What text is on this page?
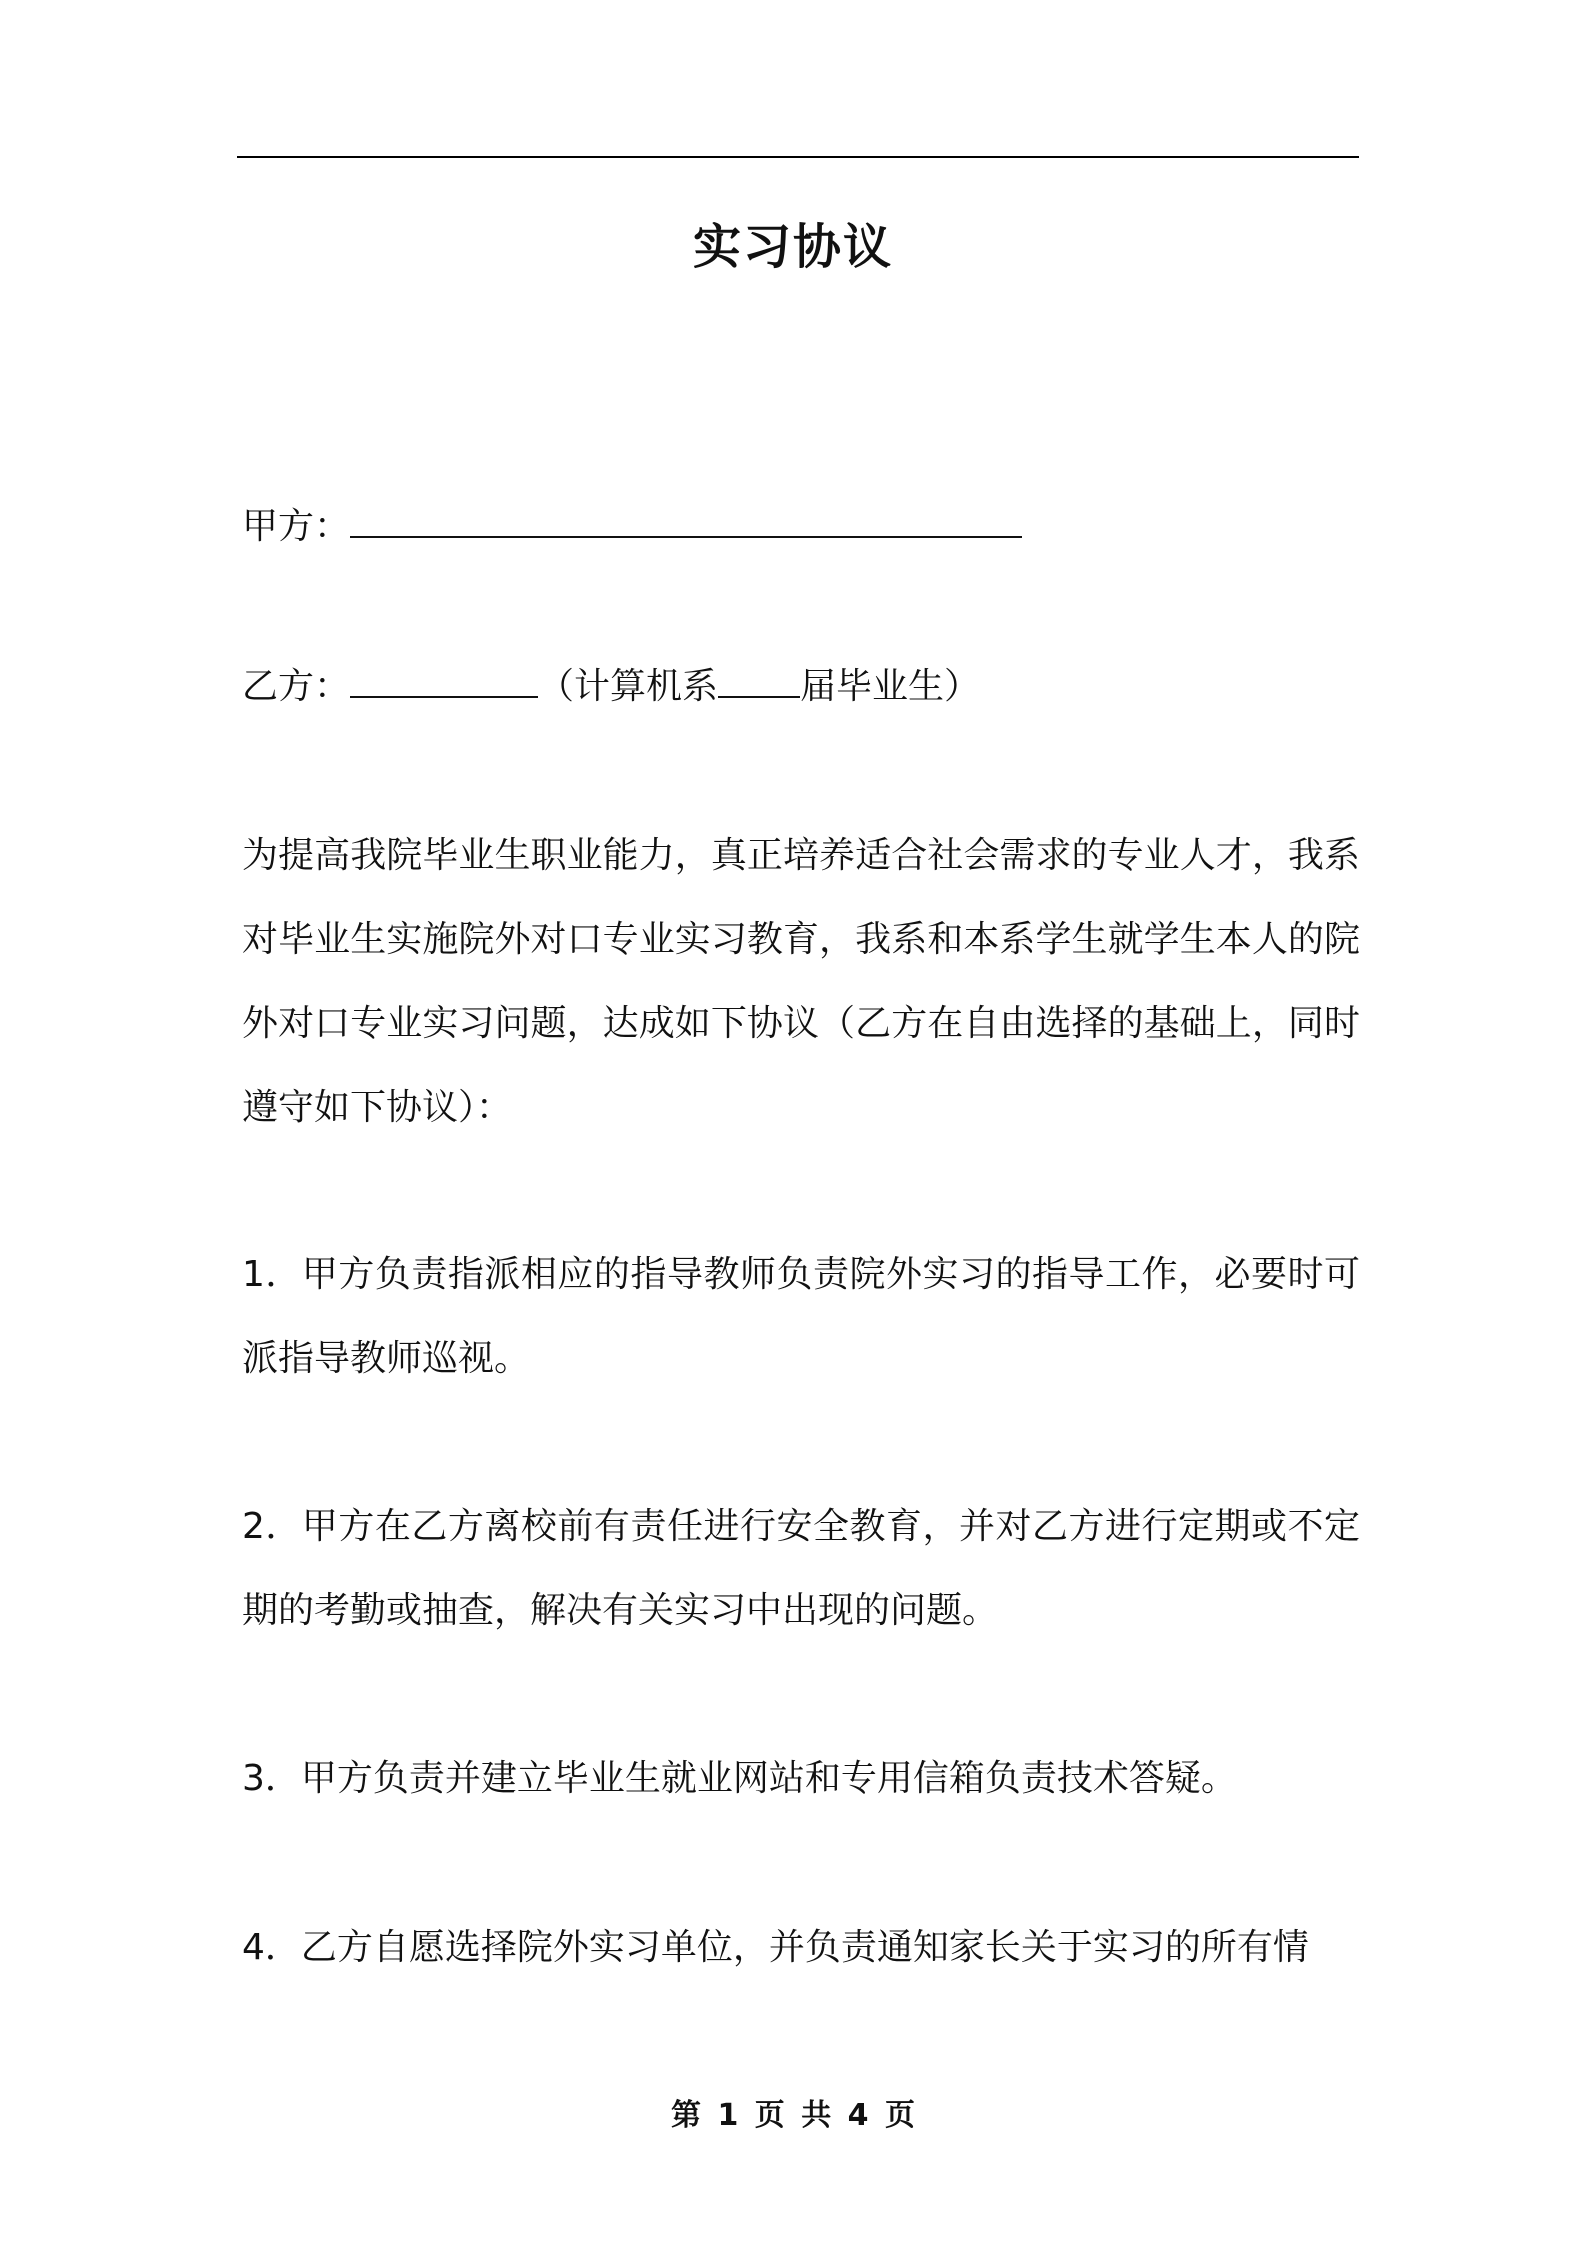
实习协议
甲方：
乙方：	（计算机系 届毕业生）
为提高我院毕业生职业能力，真正培养适合社会需求的专业人才，我系对毕业生实施院外对口专业实习教育，我系和本系学生就学生本人的院外对口专业实习问题，达成如下协议（乙方在自由选择的基础上，同时遵守如下协议）：
1．甲方负责指派相应的指导教师负责院外实习的指导工作，必要时可派指导教师巡视。
2．甲方在乙方离校前有责任进行安全教育，并对乙方进行定期或不定期的考勤或抽查，解决有关实习中出现的问题。
3．甲方负责并建立毕业生就业网站和专用信箱负责技术答疑。
4．乙方自愿选择院外实习单位，并负责通知家长关于实习的所有情
第 1 页 共 4 页
